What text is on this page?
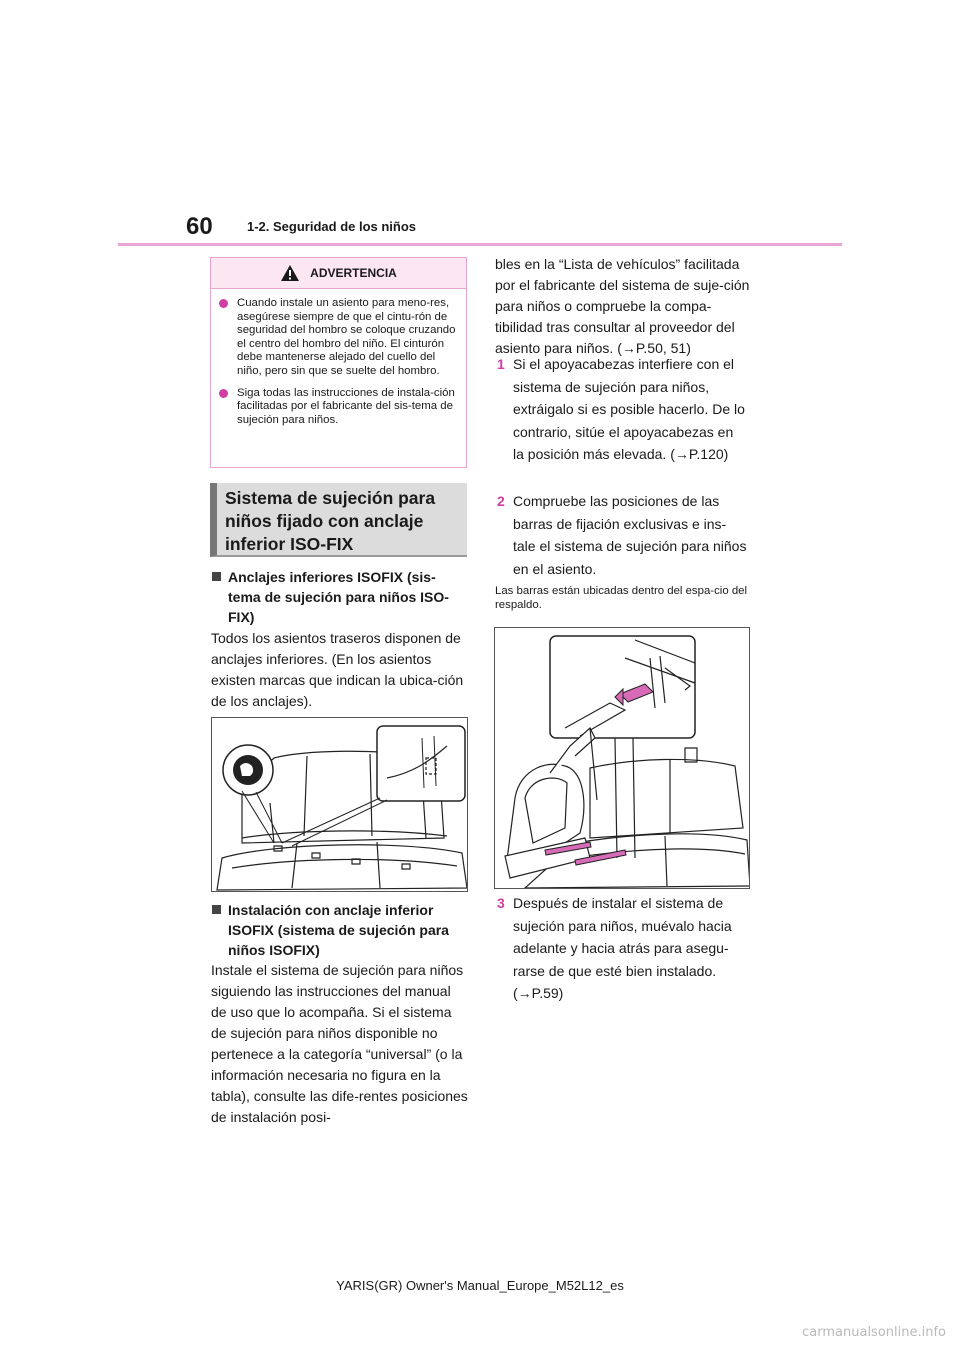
60	1-2. Seguridad de los niños
ADVERTENCIA
Cuando instale un asiento para meno-res, asegúrese siempre de que el cintu-rón de seguridad del hombro se coloque cruzando el centro del hombro del niño. El cinturón debe mantenerse alejado del cuello del niño, pero sin que se suelte del hombro.
Siga todas las instrucciones de instala-ción facilitadas por el fabricante del sis-tema de sujeción para niños.
Sistema de sujeción para niños fijado con anclaje inferior ISO-FIX
Anclajes inferiores ISOFIX (sis-tema de sujeción para niños ISO-FIX)
Todos los asientos traseros disponen de anclajes inferiores. (En los asientos existen marcas que indican la ubica-ción de los anclajes).
Instalación con anclaje inferior ISOFIX (sistema de sujeción para niños ISOFIX)
Instale el sistema de sujeción para niños siguiendo las instrucciones del manual de uso que lo acompaña. Si el sistema de sujeción para niños disponible no pertenece a la categoría “universal” (o la información necesaria no figura en la tabla), consulte las dife-rentes posiciones de instalación posi-
bles en la “Lista de vehículos” facilitada por el fabricante del sistema de suje-ción para niños o compruebe la compa-tibilidad tras consultar al proveedor del asiento para niños. (→P.50, 51)
1 Si el apoyacabezas interfiere con el sistema de sujeción para niños, extráigalo si es posible hacerlo. De lo contrario, sitúe el apoyacabezas en la posición más elevada. (→P.120)
2 Compruebe las posiciones de las barras de fijación exclusivas e ins-tale el sistema de sujeción para niños en el asiento.
Las barras están ubicadas dentro del espa-cio del respaldo.
3 Después de instalar el sistema de sujeción para niños, muévalo hacia adelante y hacia atrás para asegu-rarse de que esté bien instalado. (→P.59)
YARIS(GR) Owner's Manual_Europe_M52L12_es
carmanualsonline.info
